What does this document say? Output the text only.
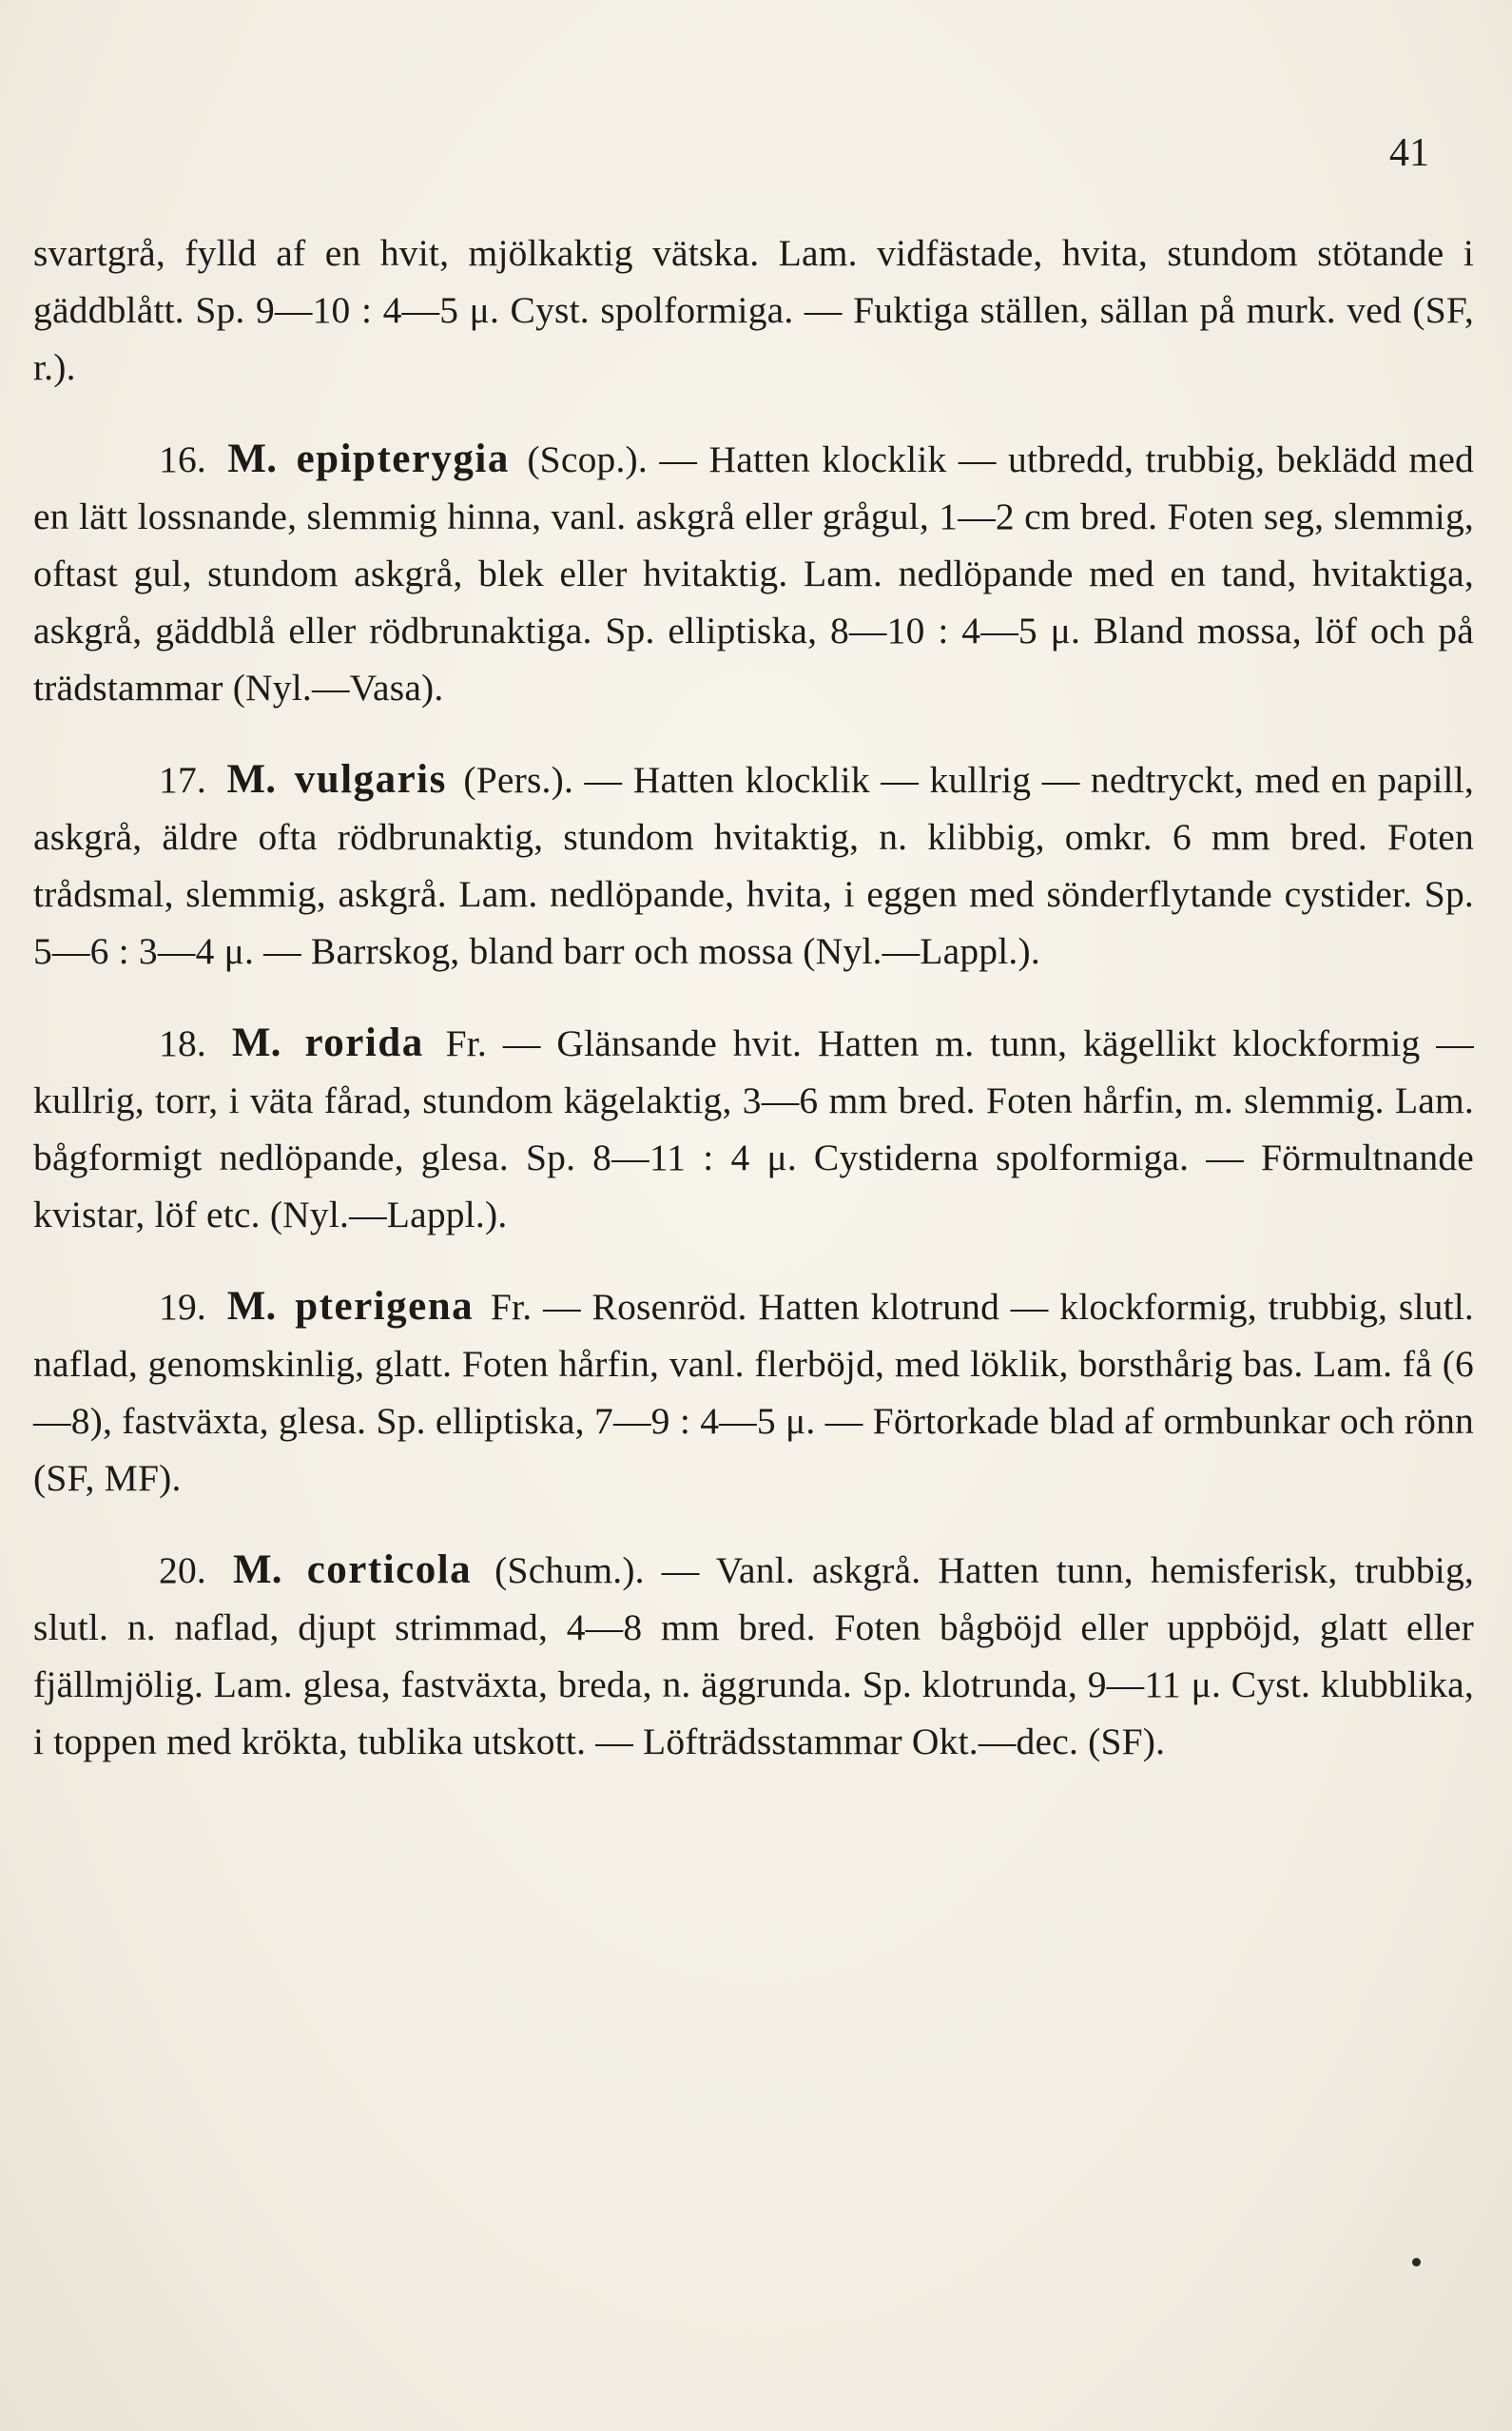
41

svartgrå, fylld af en hvit, mjölkaktig vätska. Lam. vidfästade, hvita, stundom stötande i gäddblått. Sp. 9—10 : 4—5 μ. Cyst. spolformiga. — Fuktiga ställen, sällan på murk. ved (SF, r.).

16. M. epipterygia (Scop.). — Hatten klocklik — utbredd, trubbig, beklädd med en lätt lossnande, slemmig hinna, vanl. askgrå eller grågul, 1—2 cm bred. Foten seg, slemmig, oftast gul, stundom askgrå, blek eller hvitaktig. Lam. nedlöpande med en tand, hvitaktiga, askgrå, gäddblå eller rödbrunaktiga. Sp. elliptiska, 8—10 : 4—5 μ. Bland mossa, löf och på trädstammar (Nyl.—Vasa).

17. M. vulgaris (Pers.). — Hatten klocklik — kullrig — nedtryckt, med en papill, askgrå, äldre ofta rödbrunaktig, stundom hvitaktig, n. klibbig, omkr. 6 mm bred. Foten trådsmal, slemmig, askgrå. Lam. nedlöpande, hvita, i eggen med sönderflytande cystider. Sp. 5—6 : 3—4 μ. — Barrskog, bland barr och mossa (Nyl.—Lappl.).

18. M. rorida Fr. — Glänsande hvit. Hatten m. tunn, kägellikt klockformig — kullrig, torr, i väta fårad, stundom kägelaktig, 3—6 mm bred. Foten hårfin, m. slemmig. Lam. bågformigt nedlöpande, glesa. Sp. 8—11 : 4 μ. Cystiderna spolformiga. — Förmultnande kvistar, löf etc. (Nyl.—Lappl.).

19. M. pterigena Fr. — Rosenröd. Hatten klotrund — klockformig, trubbig, slutl. naflad, genomskinlig, glatt. Foten hårfin, vanl. flerböjd, med löklik, borsthårig bas. Lam. få (6—8), fastväxta, glesa. Sp. elliptiska, 7—9 : 4—5 μ. — Förtorkade blad af ormbunkar och rönn (SF, MF).

20. M. corticola (Schum.). — Vanl. askgrå. Hatten tunn, hemisferisk, trubbig, slutl. n. naflad, djupt strimmad, 4—8 mm bred. Foten bågböjd eller uppböjd, glatt eller fjällmjölig. Lam. glesa, fastväxta, breda, n. äggrunda. Sp. klotrunda, 9—11 μ. Cyst. klubblika, i toppen med krökta, tublika utskott. — Löfträdsstammar Okt.—dec. (SF).
